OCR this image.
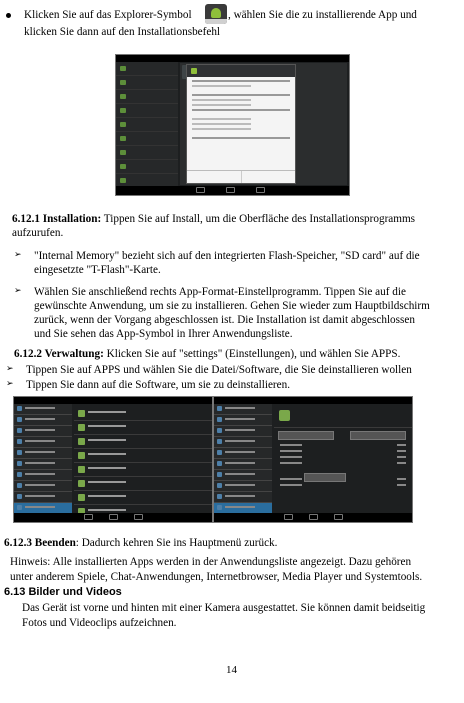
Klicken Sie auf das Explorer-Symbol	, wählen Sie die zu installierende App und
klicken Sie dann auf den Installationsbefehl
6.12.1 Installation: Tippen Sie auf Install, um die Oberfläche des Installationsprogramms
aufzurufen.
➢ "Internal Memory" bezieht sich auf den integrierten Flash-Speicher, "SD card" auf die
eingesetzte "T-Flash"-Karte.
➢ Wählen Sie anschließend rechts App-Format-Einstellprogramm. Tippen Sie auf die
gewünschte Anwendung, um sie zu installieren. Gehen Sie wieder zum Hauptbildschirm
zurück, wenn der Vorgang abgeschlossen ist. Die Installation ist damit abgeschlossen
und Sie sehen das App-Symbol in Ihrer Anwendungsliste.
6.12.2 Verwaltung: Klicken Sie auf "settings" (Einstellungen), und wählen Sie APPS.
➢ Tippen Sie auf APPS und wählen Sie die Datei/Software, die Sie deinstallieren wollen
➢ Tippen Sie dann auf die Software, um sie zu deinstallieren.
6.12.3 Beenden: Dadurch kehren Sie ins Hauptmenü zurück.
Hinweis: Alle installierten Apps werden in der Anwendungsliste angezeigt. Dazu gehören
unter anderem Spiele, Chat-Anwendungen, Internetbrowser, Media Player und Systemtools.
6.13 Bilder und Videos
Das Gerät ist vorne und hinten mit einer Kamera ausgestattet. Sie können damit beidseitig
Fotos und Videoclips aufzeichnen.
14
